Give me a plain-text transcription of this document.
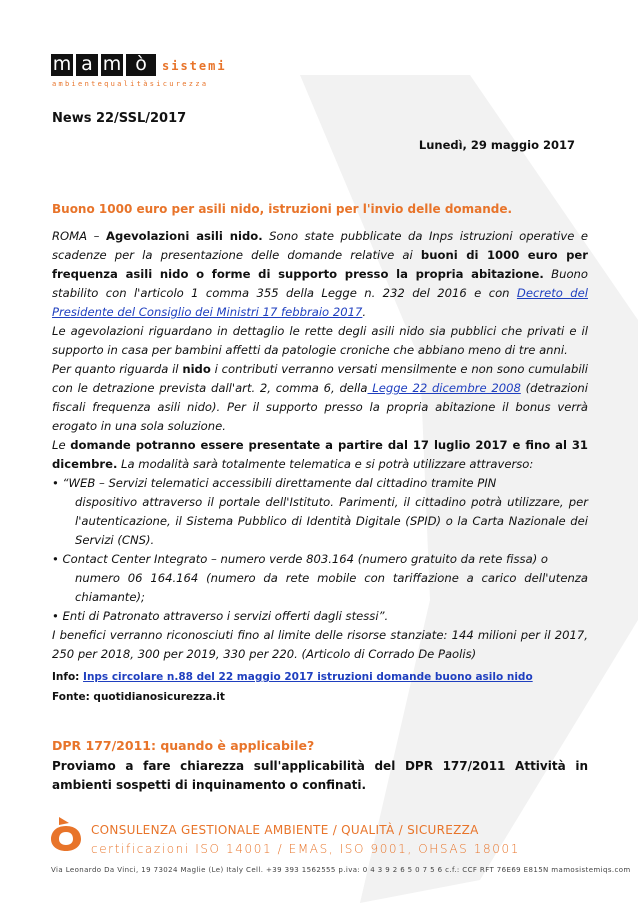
m a m ò	sistemi
ambientequalitàsicurezza
News 22/SSL/2017
Lunedì, 29 maggio 2017
Buono 1000 euro per asili nido, istruzioni per l'invio delle domande.

ROMA – Agevolazioni asili nido. Sono state pubblicate da Inps istruzioni operative e scadenze per la presentazione delle domande relative ai buoni di 1000 euro per frequenza asili nido o forme di supporto presso la propria abitazione. Buono stabilito con l'articolo 1 comma 355 della Legge n. 232 del 2016 e con Decreto del Presidente del Consiglio dei Ministri 17 febbraio 2017.

Le agevolazioni riguardano in dettaglio le rette degli asili nido sia pubblici che privati e il supporto in casa per bambini affetti da patologie croniche che abbiano meno di tre anni.

Per quanto riguarda il nido i contributi verranno versati mensilmente e non sono cumulabili con le detrazione prevista dall'art. 2, comma 6, della Legge 22 dicembre 2008 (detrazioni fiscali frequenza asili nido). Per il supporto presso la propria abitazione il bonus verrà erogato in una sola soluzione.

Le domande potranno essere presentate a partire dal 17 luglio 2017 e fino al 31 dicembre. La modalità sarà totalmente telematica e si potrà utilizzare attraverso:

• “WEB – Servizi telematici accessibili direttamente dal cittadino tramite PIN

dispositivo attraverso il portale dell'Istituto. Parimenti, il cittadino potrà utilizzare, per l'autenticazione, il Sistema Pubblico di Identità Digitale (SPID) o la Carta Nazionale dei Servizi (CNS).

• Contact Center Integrato – numero verde 803.164 (numero gratuito da rete fissa) o

numero 06 164.164 (numero da rete mobile con tariffazione a carico dell'utenza chiamante);

• Enti di Patronato attraverso i servizi offerti dagli stessi”.

I benefici verranno riconosciuti fino al limite delle risorse stanziate: 144 milioni per il 2017, 250 per 2018, 300 per 2019, 330 per 220. (Articolo di Corrado De Paolis)

Info: Inps circolare n.88 del 22 maggio 2017 istruzioni domande buono asilo nido

Fonte: quotidianosicurezza.it

DPR 177/2011: quando è applicabile?

Proviamo a fare chiarezza sull'applicabilità del DPR 177/2011 Attività in ambienti sospetti di inquinamento o confinati.

CONSULENZA GESTIONALE AMBIENTE / QUALITÀ / SICUREZZA
certificazioni ISO 14001 / EMAS, ISO 9001, OHSAS 18001
Via Leonardo Da Vinci, 19 73024 Maglie (Le) Italy Cell. +39 393 1562555 p.iva: 0 4 3 9 2 6 5 0 7 5 6 c.f.: CCF RFT 76E69 E815N mamosistemiqs.com
